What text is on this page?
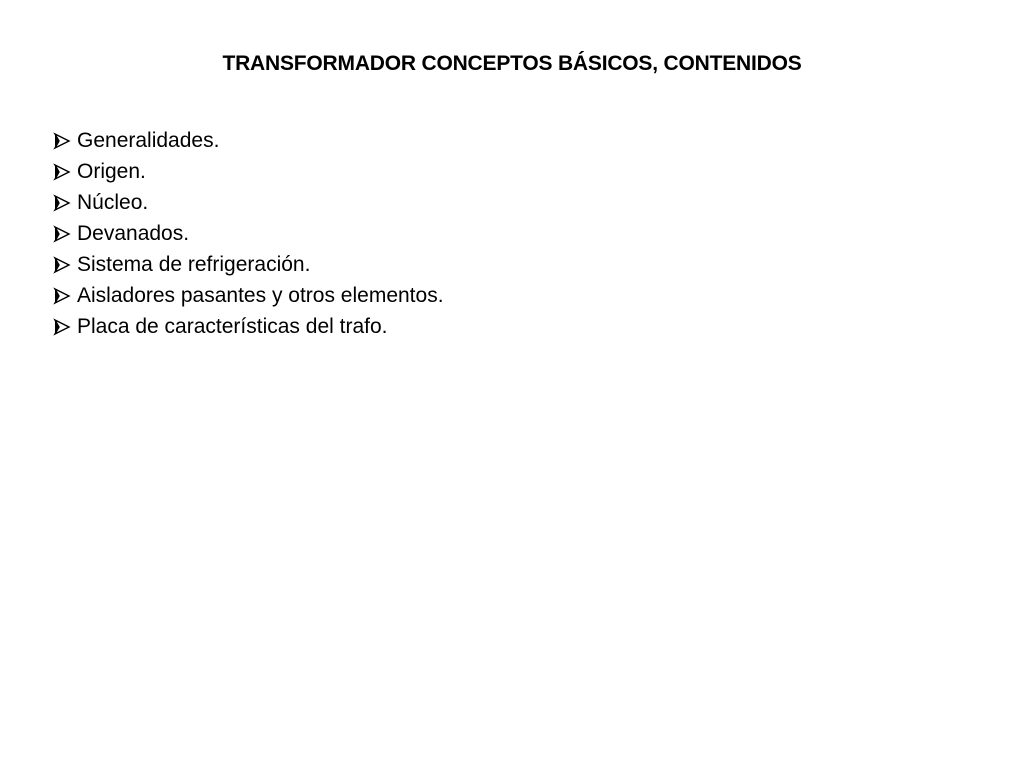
TRANSFORMADOR CONCEPTOS BÁSICOS, CONTENIDOS
Generalidades.
Origen.
Núcleo.
Devanados.
Sistema de refrigeración.
Aisladores pasantes y otros elementos.
Placa de características del trafo.
